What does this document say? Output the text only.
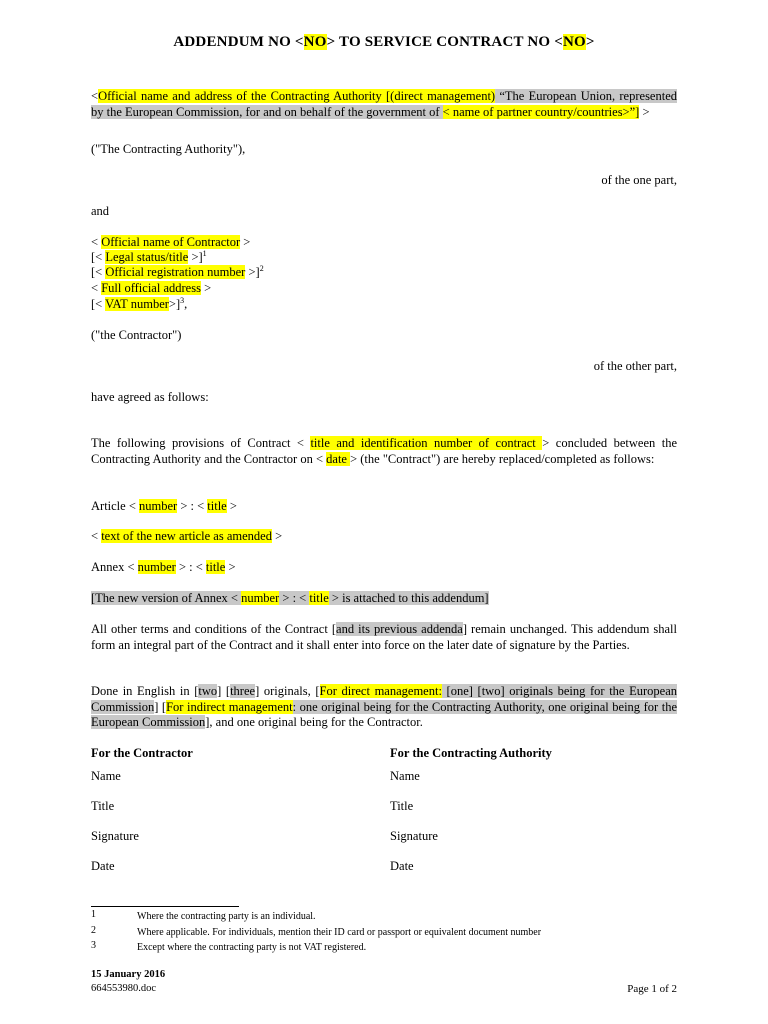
ADDENDUM NO <NO> TO SERVICE CONTRACT NO <NO>
<Official name and address of the Contracting Authority [(direct management) “The European Union, represented by the European Commission, for and on behalf of the government of < name of partner country/countries>”] >
("The Contracting Authority"),
of the one part,
and
< Official name of Contractor >
[< Legal status/title >]$^1$
[< Official registration number >]$^2$
< Full official address >
[< VAT number>]$^3$,
("the Contractor")
of the other part,
have agreed as follows:
The following provisions of Contract < title and identification number of contract > concluded between the Contracting Authority and the Contractor on < date > (the "Contract") are hereby replaced/completed as follows:
Article < number > : < title >
< text of the new article as amended >
Annex < number > : < title >
[The new version of Annex < number > : < title > is attached to this addendum]
All other terms and conditions of the Contract [and its previous addenda] remain unchanged. This addendum shall form an integral part of the Contract and it shall enter into force on the later date of signature by the Parties.
Done in English in [two] [three] originals, [For direct management: [one] [two] originals being for the European Commission] [For indirect management: one original being for the Contracting Authority, one original being for the European Commission], and one original being for the Contractor.
For the Contractor	For the Contracting Authority
Name	Name
Title	Title
Signature	Signature
Date	Date
1	Where the contracting party is an individual.
2	Where applicable. For individuals, mention their ID card or passport or equivalent document number
3	Except where the contracting party is not VAT registered.
15 January 2016
664553980.doc	Page 1 of 2
